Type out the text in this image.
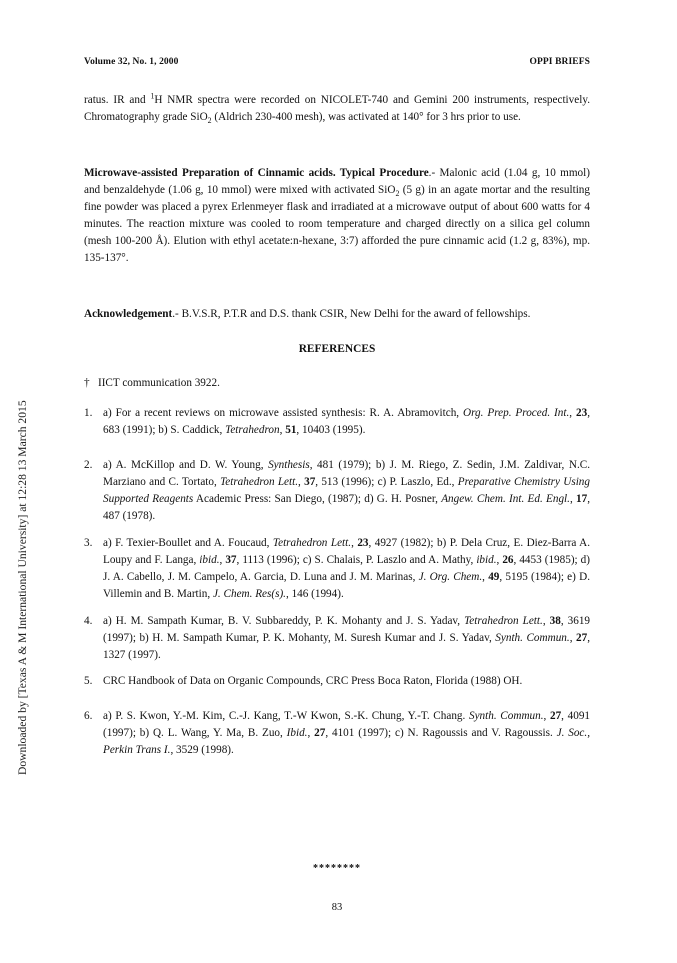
Volume 32, No. 1, 2000	OPPI BRIEFS
Downloaded by [Texas A & M International University] at 12:28 13 March 2015

ratus. IR and $^1$H NMR spectra were recorded on NICOLET-740 and Gemini 200 instruments, respectively. Chromatography grade SiO$_2$ (Aldrich 230-400 mesh), was activated at 140° for 3 hrs prior to use.

Microwave-assisted Preparation of Cinnamic acids. Typical Procedure.- Malonic acid (1.04 g, 10 mmol) and benzaldehyde (1.06 g, 10 mmol) were mixed with activated SiO$_2$ (5 g) in an agate mortar and the resulting fine powder was placed a pyrex Erlenmeyer flask and irradiated at a microwave output of about 600 watts for 4 minutes. The reaction mixture was cooled to room temperature and charged directly on a silica gel column (mesh 100-200 Å). Elution with ethyl acetate:n-hexane, 3:7) afforded the pure cinnamic acid (1.2 g, 83%), mp. 135-137°.

Acknowledgement.- B.V.S.R, P.T.R and D.S. thank CSIR, New Delhi for the award of fellowships.

REFERENCES
† IICT communication 3922.
1. a) For a recent reviews on microwave assisted synthesis: R. A. Abramovitch, Org. Prep. Proced. Int., 23, 683 (1991); b) S. Caddick, Tetrahedron, 51, 10403 (1995).
2. a) A. McKillop and D. W. Young, Synthesis, 481 (1979); b) J. M. Riego, Z. Sedin, J.M. Zaldivar, N.C. Marziano and C. Tortato, Tetrahedron Lett., 37, 513 (1996); c) P. Laszlo, Ed., Preparative Chemistry Using Supported Reagents Academic Press: San Diego, (1987); d) G. H. Posner, Angew. Chem. Int. Ed. Engl., 17, 487 (1978).
3. a) F. Texier-Boullet and A. Foucaud, Tetrahedron Lett., 23, 4927 (1982); b) P. Dela Cruz, E. Diez-Barra A. Loupy and F. Langa, ibid., 37, 1113 (1996); c) S. Chalais, P. Laszlo and A. Mathy, ibid., 26, 4453 (1985); d) J. A. Cabello, J. M. Campelo, A. Garcia, D. Luna and J. M. Marinas, J. Org. Chem., 49, 5195 (1984); e) D. Villemin and B. Martin, J. Chem. Res(s)., 146 (1994).
4. a) H. M. Sampath Kumar, B. V. Subbareddy, P. K. Mohanty and J. S. Yadav, Tetrahedron Lett., 38, 3619 (1997); b) H. M. Sampath Kumar, P. K. Mohanty, M. Suresh Kumar and J. S. Yadav, Synth. Commun., 27, 1327 (1997).
5. CRC Handbook of Data on Organic Compounds, CRC Press Boca Raton, Florida (1988) OH.
6. a) P. S. Kwon, Y.-M. Kim, C.-J. Kang, T.-W Kwon, S.-K. Chung, Y.-T. Chang. Synth. Commun., 27, 4091 (1997); b) Q. L. Wang, Y. Ma, B. Zuo, Ibid., 27, 4101 (1997); c) N. Ragoussis and V. Ragoussis. J. Soc., Perkin Trans I., 3529 (1998).
********
83
